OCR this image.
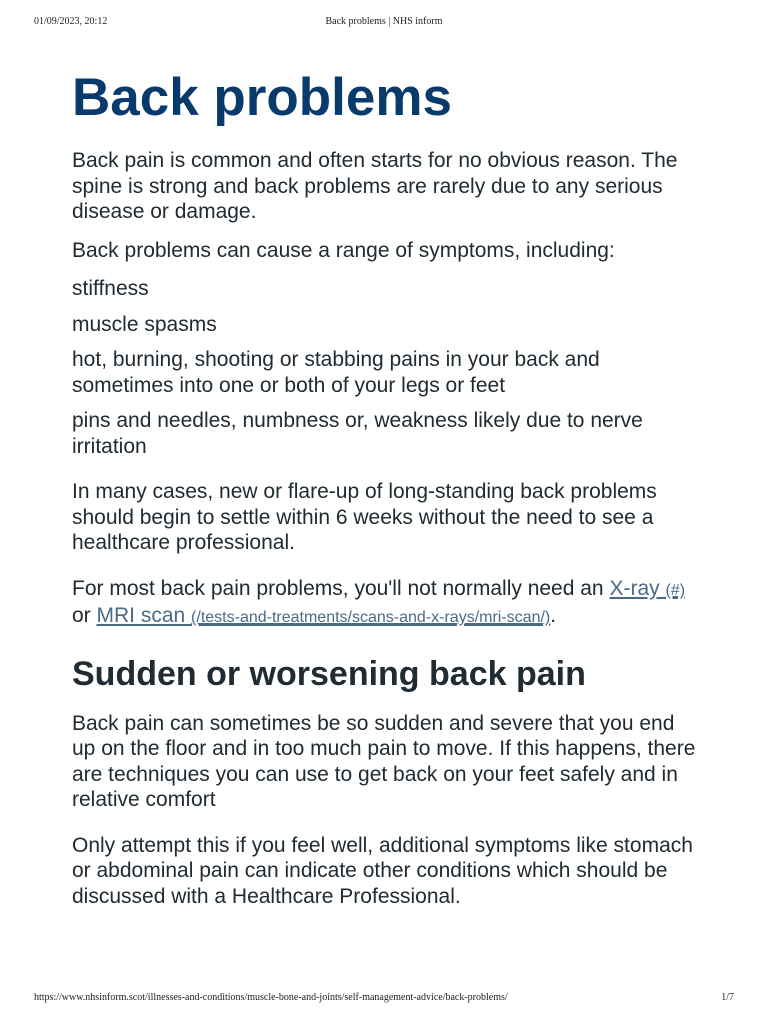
01/09/2023, 20:12	Back problems | NHS inform
Back problems

Back pain is common and often starts for no obvious reason. The spine is strong and back problems are rarely due to any serious disease or damage.

Back problems can cause a range of symptoms, including:

stiffness
muscle spasms
hot, burning, shooting or stabbing pains in your back and sometimes into one or both of your legs or feet
pins and needles, numbness or, weakness likely due to nerve irritation

In many cases, new or flare-up of long-standing back problems should begin to settle within 6 weeks without the need to see a healthcare professional.

For most back pain problems, you'll not normally need an X-ray (#) or MRI scan (/tests-and-treatments/scans-and-x-rays/mri-scan/).

Sudden or worsening back pain

Back pain can sometimes be so sudden and severe that you end up on the floor and in too much pain to move. If this happens, there are techniques you can use to get back on your feet safely and in relative comfort

Only attempt this if you feel well, additional symptoms like stomach or abdominal pain can indicate other conditions which should be discussed with a Healthcare Professional.

https://www.nhsinform.scot/illnesses-and-conditions/muscle-bone-and-joints/self-management-advice/back-problems/	1/7
